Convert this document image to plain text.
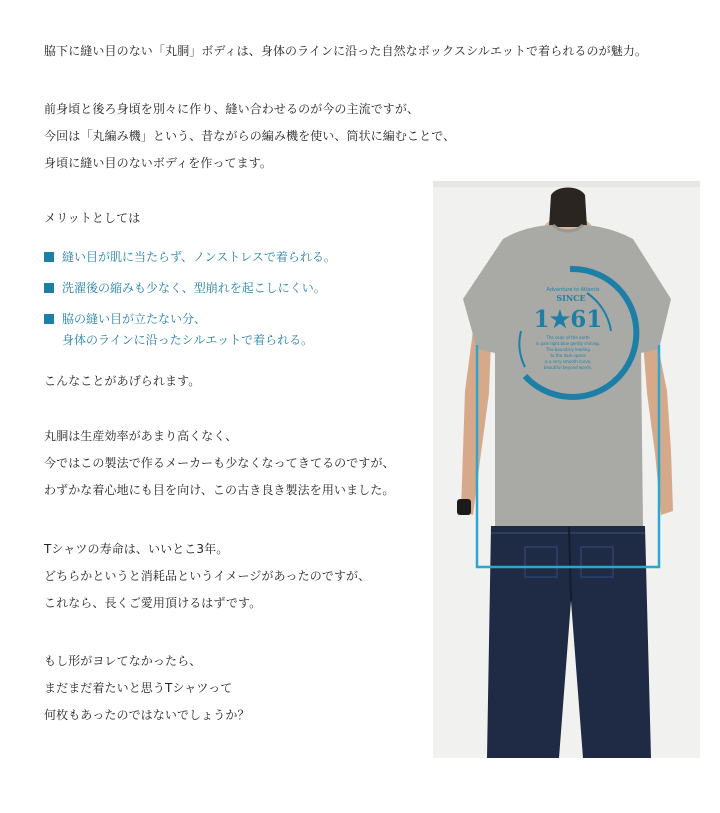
脇下に縫い目のない「丸胴」ボディは、身体のラインに沿った自然なボックスシルエットで着られるのが魅力。
前身頃と後ろ身頃を別々に作り、縫い合わせるのが今の主流ですが、
今回は「丸編み機」という、昔ながらの編み機を使い、筒状に編むことで、
身頃に縫い目のないボディを作ってます。
メリットとしては
縫い目が肌に当たらず、ノンストレスで着られる。
洗濯後の縮みも少なく、型崩れを起こしにくい。
脇の縫い目が立たない分、
身体のラインに沿ったシルエットで着られる。
こんなことがあげられます。
丸胴は生産効率があまり高くなく、
今ではこの製法で作るメーカーも少なくなってきてるのですが、
わずかな着心地にも目を向け、この古き良き製法を用いました。
Tシャツの寿命は、いいとこ3年。
どちらかというと消耗品というイメージがあったのですが、
これなら、長くご愛用頂けるはずです。
もし形がヨレてなかったら、
まだまだ着たいと思うTシャツって
何枚もあったのではないでしょうか？
Adventure to Atlantis
SINCE
1★61
The color of the earth
is pale light blue gently shining.
The boundary leading
to the dark space
is a very smooth curve,
beautiful beyond words.
